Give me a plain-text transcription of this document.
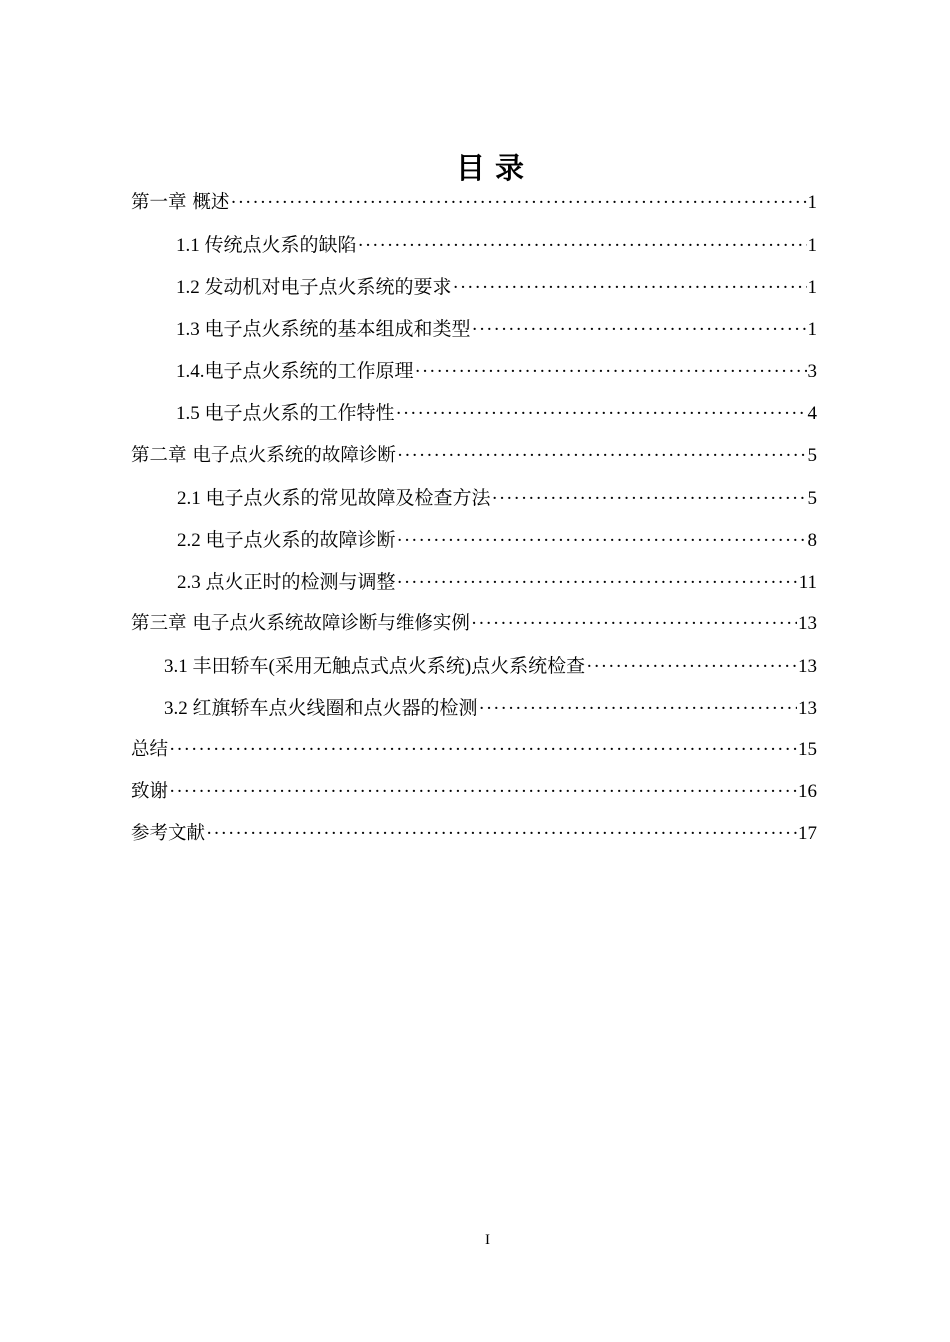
目 录
第一章 概述 ·····	1
1.1 传统点火系的缺陷 ·····	1
1.2 发动机对电子点火系统的要求 ·····	1
1.3 电子点火系统的基本组成和类型 ·····	1
1.4.电子点火系统的工作原理 ·····	3
1.5 电子点火系的工作特性 ·····	4
第二章 电子点火系统的故障诊断 ·····	5
2.1 电子点火系的常见故障及检查方法 ·····	5
2.2 电子点火系的故障诊断 ·····	8
2.3 点火正时的检测与调整 ·····	11
第三章 电子点火系统故障诊断与维修实例 ·····	13
3.1 丰田轿车(采用无触点式点火系统)点火系统检查 ·····	13
3.2 红旗轿车点火线圈和点火器的检测 ·····	13
总结 ·····	15
致谢 ·····	16
参考文献 ·····	17
I
